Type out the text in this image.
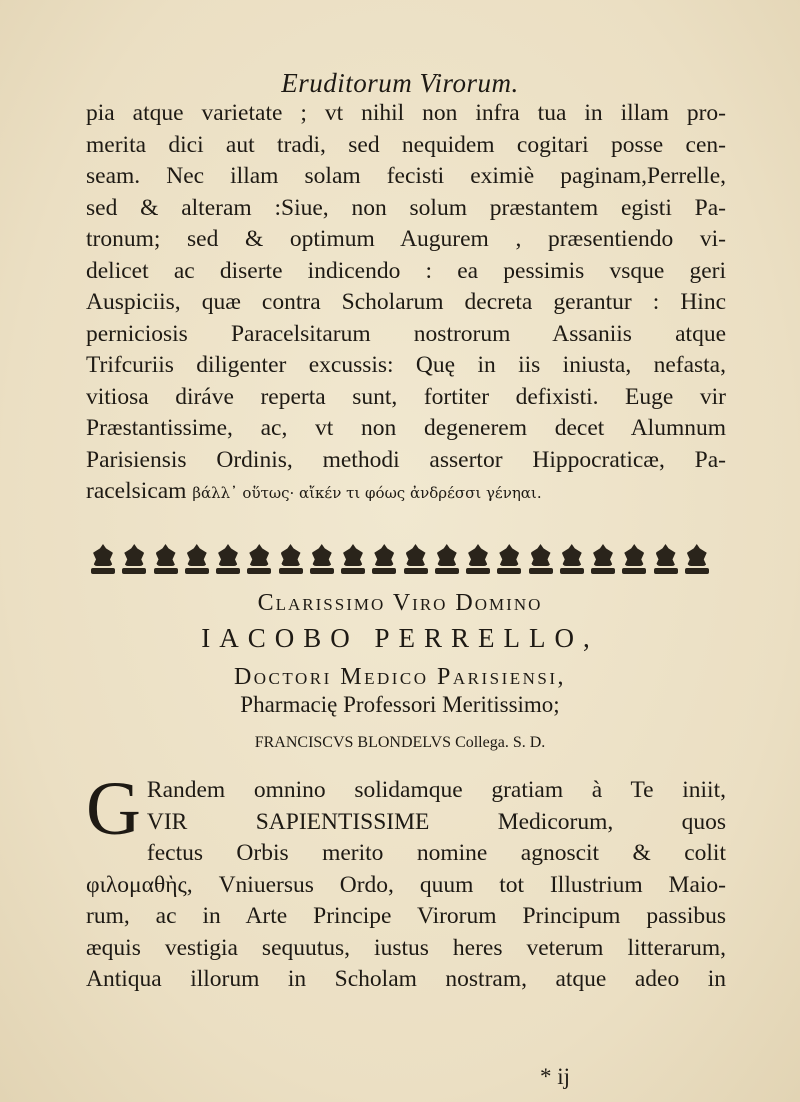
Eruditorum Virorum.
pia atque varietate ; vt nihil non infra tua in illam pro-
merita dici aut tradi, sed nequidem cogitari posse cen-
seam. Nec illam solam fecisti eximiè paginam,Perrelle,
sed & alteram :Siue, non solum præstantem egisti Pa-
tronum; sed & optimum Augurem , præsentiendo vi-
delicet ac diserte indicendo : ea pessimis vsque geri
Auspiciis, quæ contra Scholarum decreta gerantur : Hinc
perniciosis Paracelsitarum nostrorum Assaniis atque
Trifcuriis diligenter excussis: Quę in iis iniusta, nefasta,
vitiosa diráve reperta sunt, fortiter defixisti. Euge vir
Præstantissime, ac, vt non degenerem decet Alumnum
Parisiensis Ordinis, methodi assertor Hippocraticæ, Pa-
racelsicam βάλλ᾽ οὕτως· αἴκέν τι φόως ἀνδρέσσι γένηαι.
Clarissimo Viro Domino
IACOBO PERRELLO,
Doctori Medico Parisiensi,
Pharmacię Professori Meritissimo;
FRANCISCVS BLONDELVS Collega. S. D.
G Randem omnino solidamque gratiam à Te iniit,
VIR SAPIENTISSIME Medicorum, quos
fectus Orbis merito nomine agnoscit & colit
φιλομαθὴς, Vniuersus Ordo, quum tot Illustrium Maio-
rum, ac in Arte Principe Virorum Principum passibus
æquis vestigia sequutus, iustus heres veterum litterarum,
Antiqua illorum in Scholam nostram, atque adeo in
* ij
